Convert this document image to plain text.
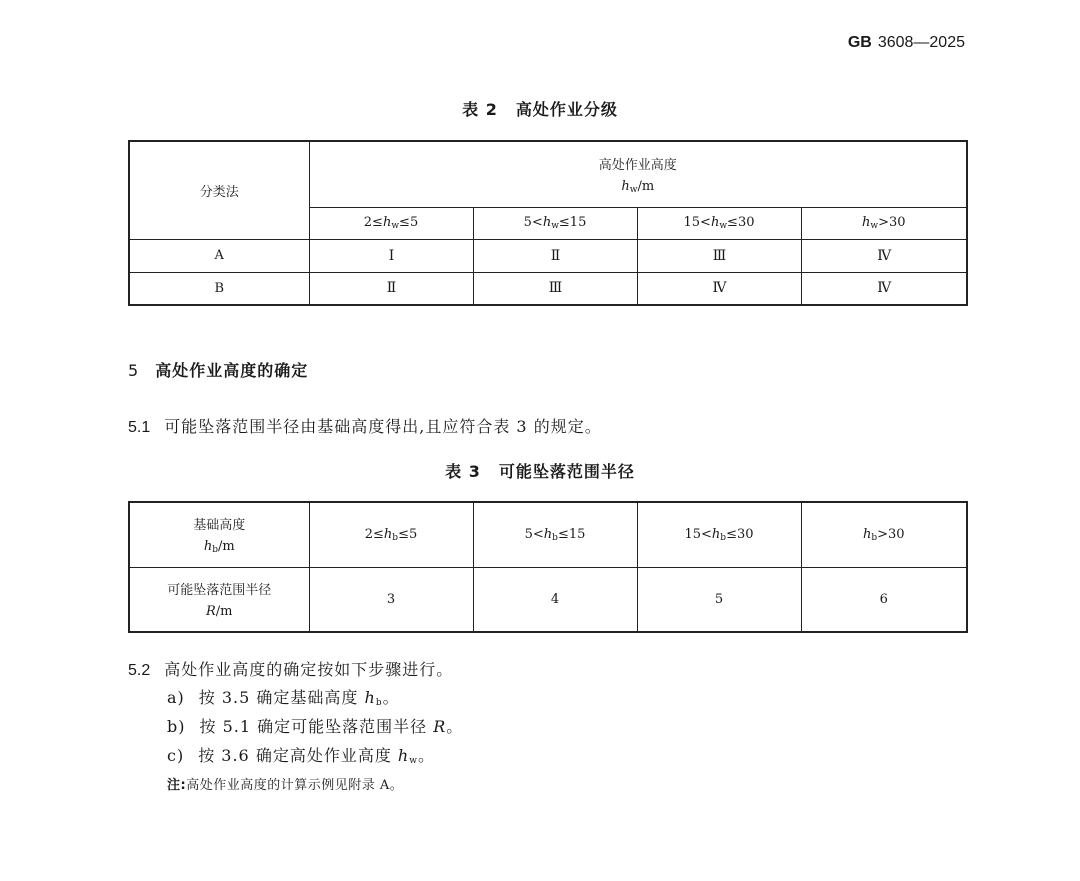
GB 3608—2025
表 2 高处作业分级
分类法	高处作业高度
$h_w/m$			

	$2\le h_w\le 5$	$5<h_w\le 15$	$15<h_w\le 30$	$h_w>30$
A	Ⅰ	Ⅱ	Ⅲ	Ⅳ
B	Ⅱ	Ⅲ	Ⅳ	Ⅳ
5 高处作业高度的确定
5.1 可能坠落范围半径由基础高度得出,且应符合表 3 的规定。
表 3 可能坠落范围半径
基础高度
$h_b/m$	$2\le h_b\le 5$	$5<h_b\le 15$	$15<h_b\le 30$	$h_b>30$

可能坠落范围半径
R/m	3	4	5	6
5.2 高处作业高度的确定按如下步骤进行。
a) 按 3.5 确定基础高度 $h_b$。
b) 按 5.1 确定可能坠落范围半径 R。
c) 按 3.6 确定高处作业高度 $h_w$。
注:高处作业高度的计算示例见附录 A。
